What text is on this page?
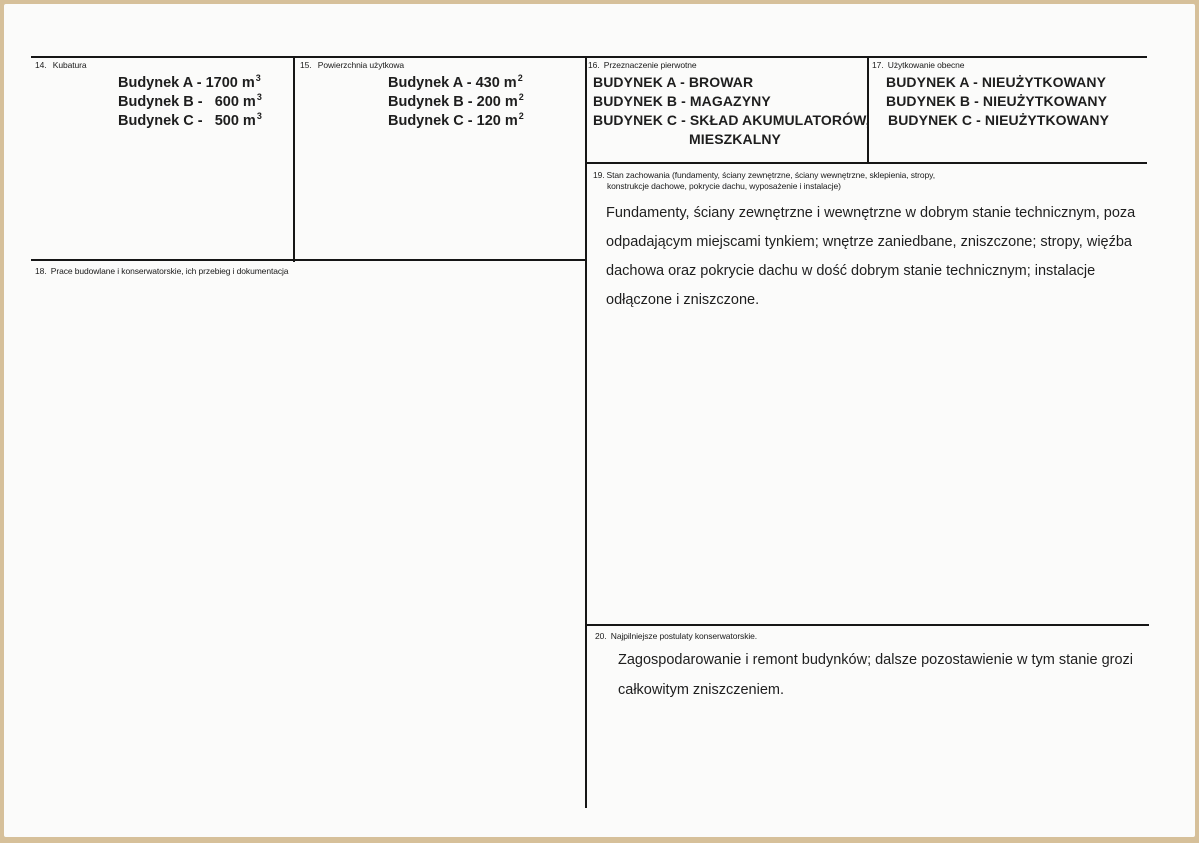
14. Kubatura
Budynek A - 1700 $m^3$
Budynek B - 600 $m^3$
Budynek C - 500 $m^3$
15. Powierzchnia użytkowa
Budynek A - 430 $m^2$
Budynek B - 200 $m^2$
Budynek C - 120 $m^2$
16. Przeznaczenie pierwotne
BUDYNEK A - BROWAR
BUDYNEK B - MAGAZYNY
BUDYNEK C - SKŁAD AKUMULATORÓW,
MIESZKALNY
17. Użytkowanie obecne
BUDYNEK A - NIEUŻYTKOWANY
BUDYNEK B - NIEUŻYTKOWANY
BUDYNEK C - NIEUŻYTKOWANY
18. Prace budowlane i konserwatorskie, ich przebieg i dokumentacja
19. Stan zachowania (fundamenty, ściany zewnętrzne, ściany wewnętrzne, sklepienia, stropy,
konstrukcje dachowe, pokrycie dachu, wyposażenie i instalacje)
Fundamenty, ściany zewnętrzne i wewnętrzne w dobrym stanie technicznym, poza
odpadającym miejscami tynkiem; wnętrze zaniedbane, zniszczone; stropy, więźba
dachowa oraz pokrycie dachu w dość dobrym stanie technicznym; instalacje
odłączone i zniszczone.
20. Najpilniejsze postulaty konserwatorskie.
Zagospodarowanie i remont budynków; dalsze pozostawienie w tym stanie grozi
całkowitym zniszczeniem.
